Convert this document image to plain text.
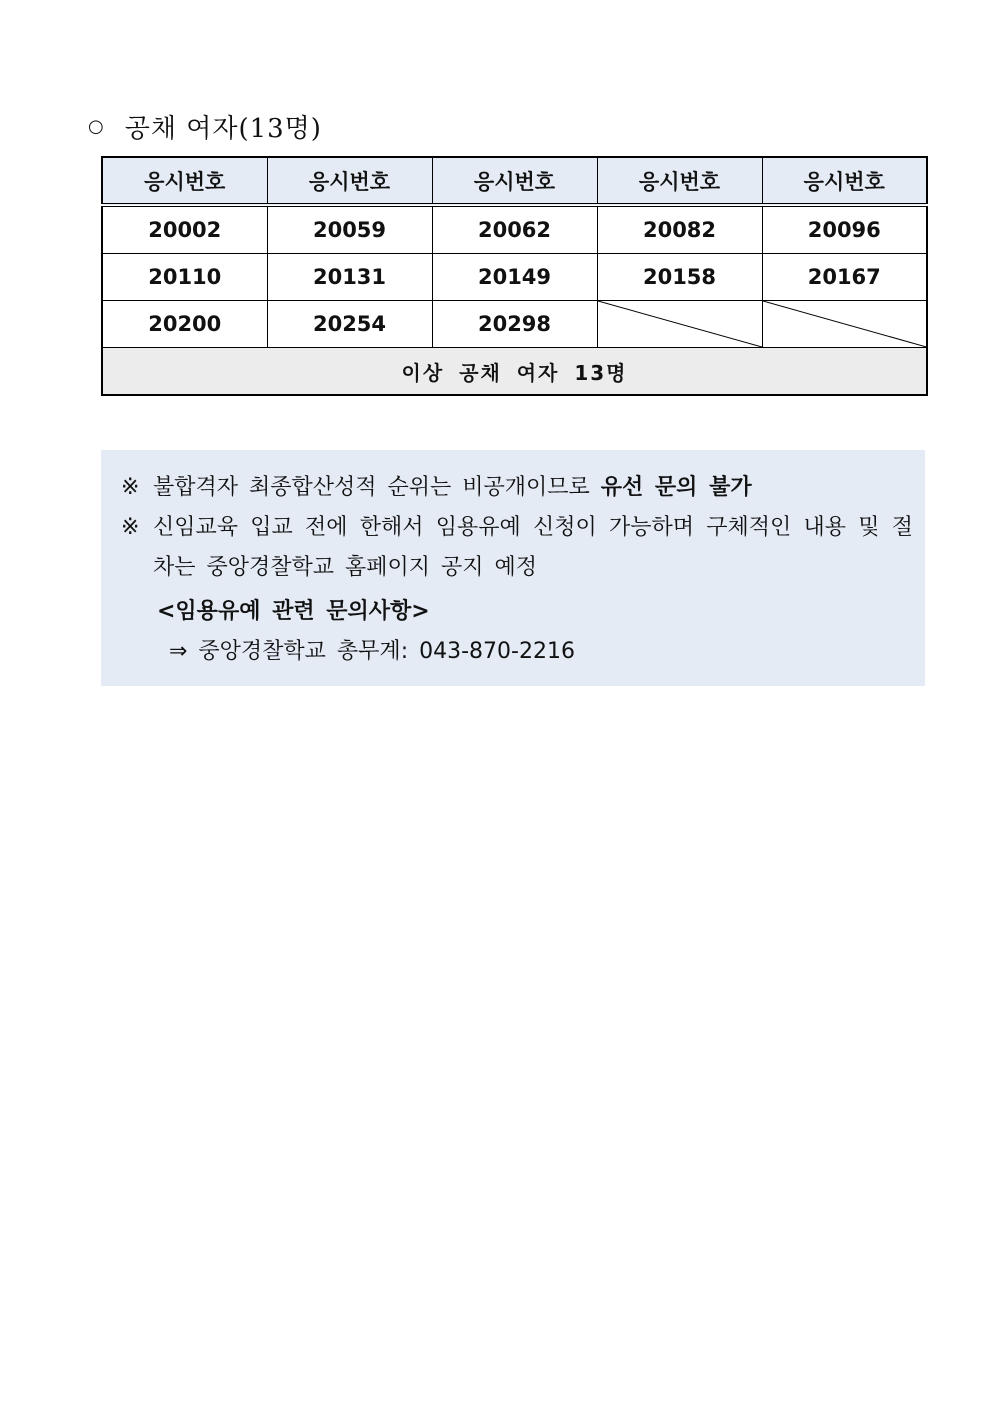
○ 공채 여자(13명)
응시번호	응시번호	응시번호	응시번호	응시번호
20002	20059	20062	20082	20096
20110	20131	20149	20158	20167
20200	20254	20298	

이상 공채 여자 13명				
※ 불합격자 최종합산성적 순위는 비공개이므로 유선 문의 불가
※ 신임교육 입교 전에 한해서 임용유예 신청이 가능하며 구체적인 내용 및 절차는 중앙경찰학교 홈페이지 공지 예정
<임용유예 관련 문의사항>
⇒ 중앙경찰학교 총무계: 043-870-2216
